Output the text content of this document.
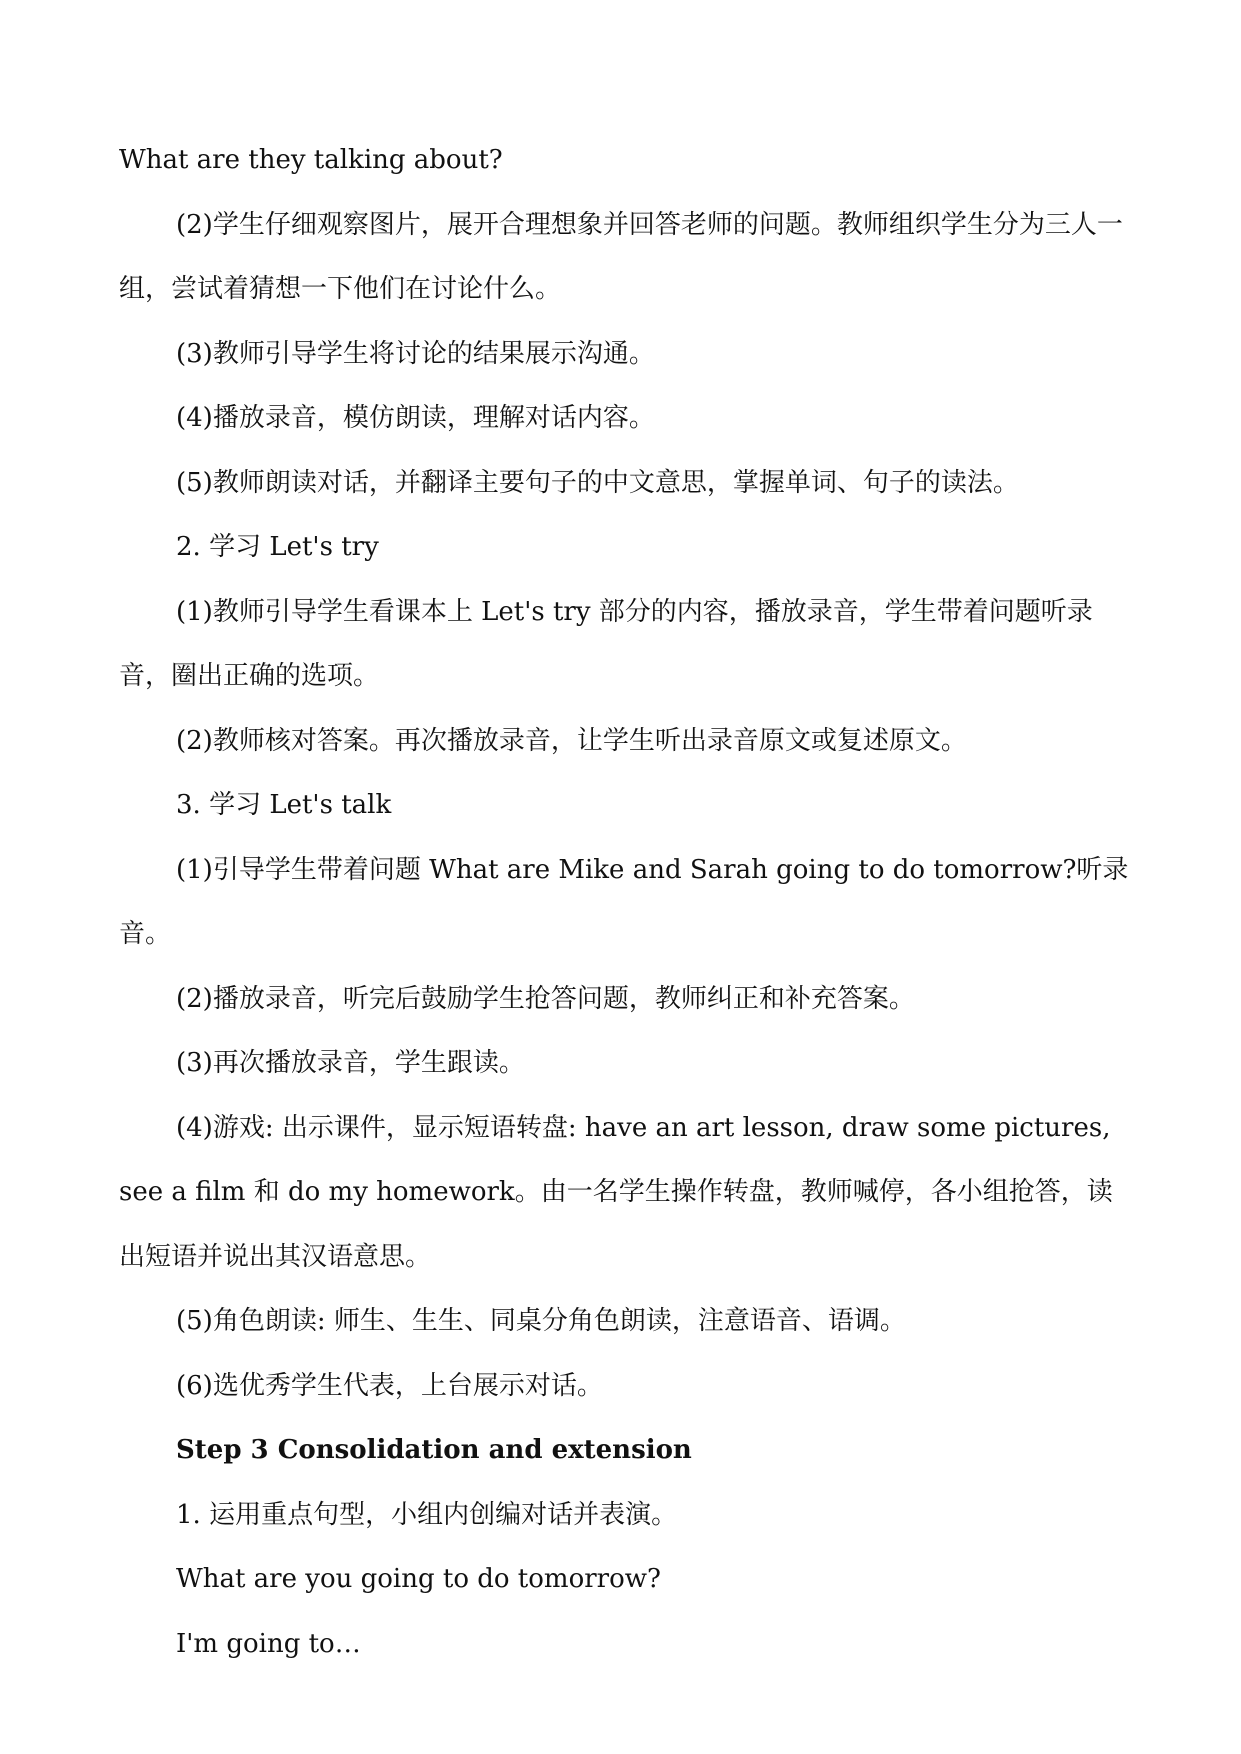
What are they talking about?

(2)学生仔细观察图片，展开合理想象并回答老师的问题。教师组织学生分为三人一组，尝试着猜想一下他们在讨论什么。

(3)教师引导学生将讨论的结果展示沟通。

(4)播放录音，模仿朗读，理解对话内容。

(5)教师朗读对话，并翻译主要句子的中文意思，掌握单词、句子的读法。

2. 学习 Let's try

(1)教师引导学生看课本上 Let's try 部分的内容，播放录音，学生带着问题听录音，圈出正确的选项。

(2)教师核对答案。再次播放录音，让学生听出录音原文或复述原文。

3. 学习 Let's talk

(1)引导学生带着问题 What are Mike and Sarah going to do tomorrow?听录音。

(2)播放录音，听完后鼓励学生抢答问题，教师纠正和补充答案。

(3)再次播放录音，学生跟读。

(4)游戏: 出示课件，显示短语转盘: have an art lesson, draw some pictures, see a film 和 do my homework。由一名学生操作转盘，教师喊停，各小组抢答，读出短语并说出其汉语意思。

(5)角色朗读: 师生、生生、同桌分角色朗读，注意语音、语调。

(6)选优秀学生代表，上台展示对话。

Step 3 Consolidation and extension

1. 运用重点句型，小组内创编对话并表演。

What are you going to do tomorrow?

I'm going to…
